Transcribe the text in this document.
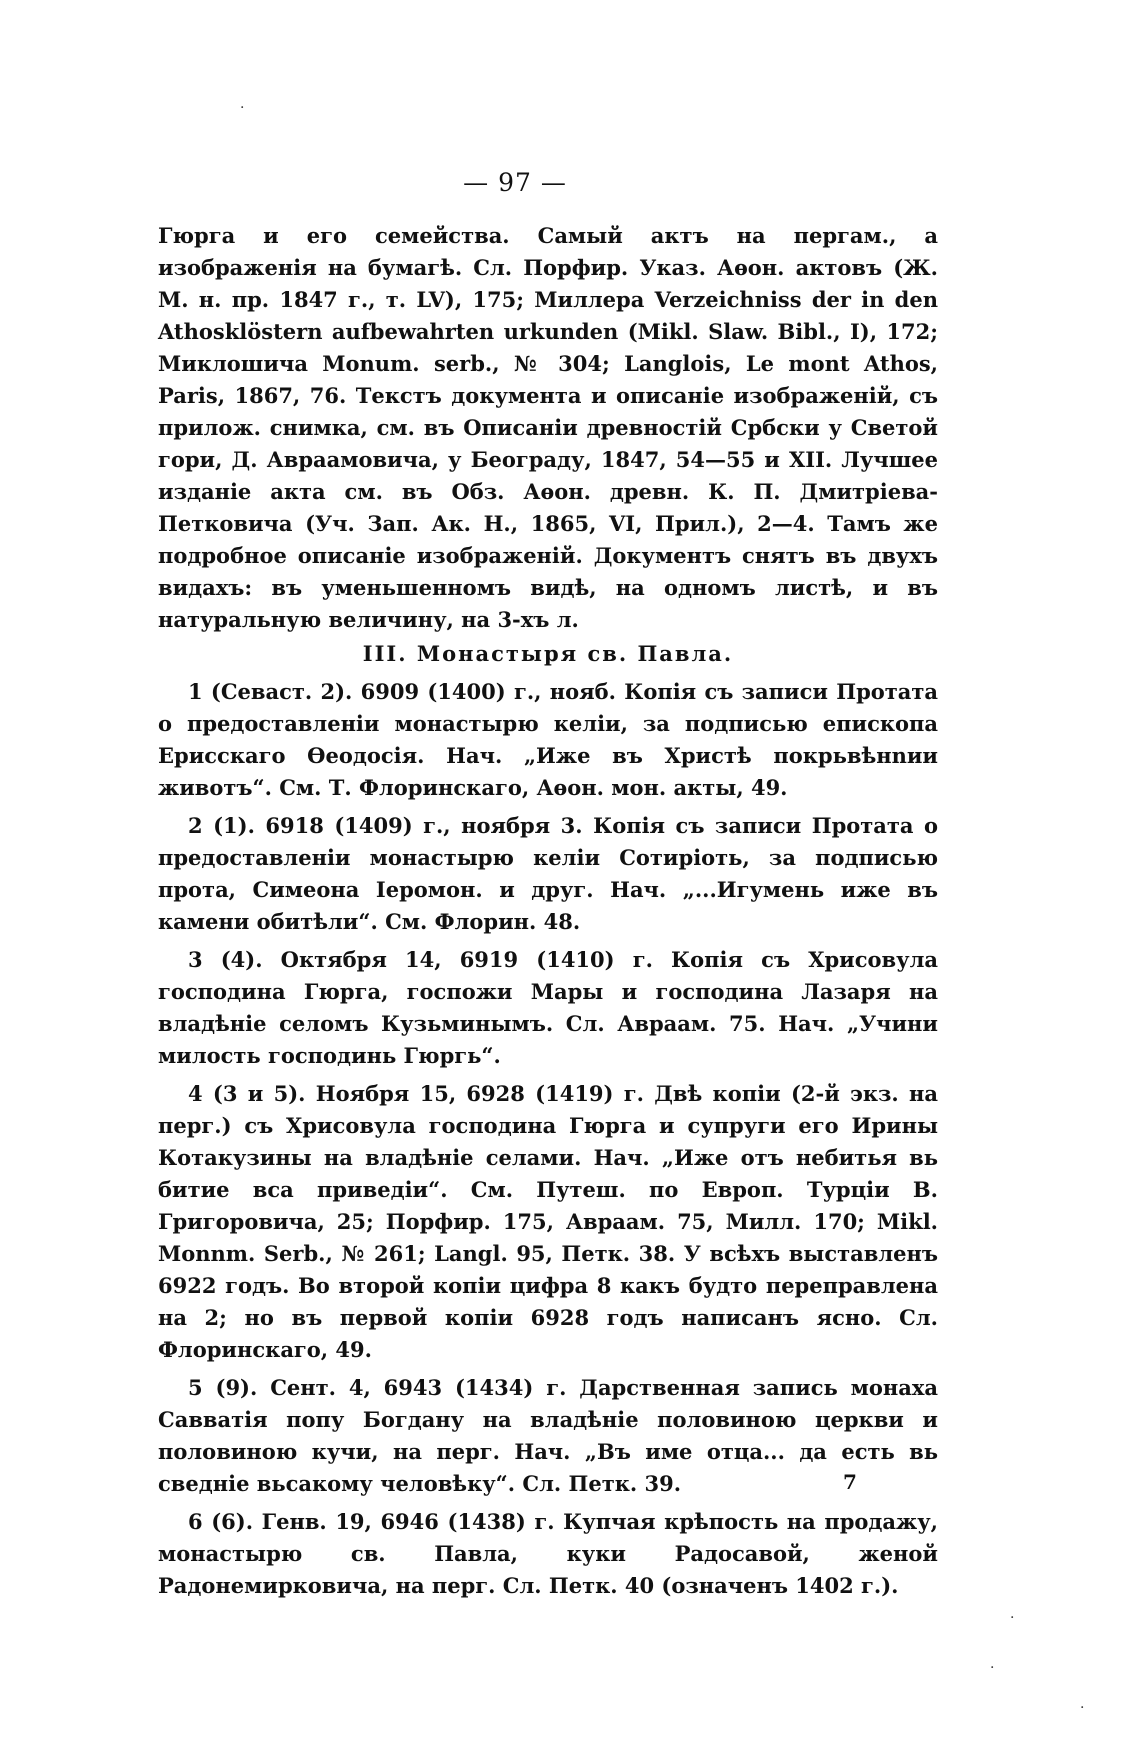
— 97 —

Гюрга и его семейства. Самый актъ на пергам., а изображенія на бумагѣ. Сл. Порфир. Указ. Аѳон. актовъ (Ж. М. н. пр. 1847 г., т. LV), 175; Миллера Verzeichniss der in den Athosklöstern aufbewahrten urkunden (Mikl. Slaw. Bibl., I), 172; Миклошича Monum. serb., № 304; Langlois, Le mont Athos, Paris, 1867, 76. Текстъ документа и описаніе изображеній, съ прилож. снимка, см. въ Описаніи древностій Србски у Светой гори, Д. Авраамовича, у Београду, 1847, 54—55 и XII. Лучшее изданіе акта см. въ Обз. Аѳон. древн. К. П. Дмитріева-Петковича (Уч. Зап. Ак. Н., 1865, VI, Прил.), 2—4. Тамъ же подробное описаніе изображеній. Документъ снятъ въ двухъ видахъ: въ уменьшенномъ видѣ, на одномъ листѣ, и въ натуральную величину, на 3-хъ л.

III. Монастыря св. Павла.

1 (Севаст. 2). 6909 (1400) г., нояб. Копія съ записи Протата о предоставленіи монастырю келіи, за подписью епископа Ерисскаго Ѳеодосія. Нач. „Иже въ Христѣ покрьвѣнnии животъ“. См. Т. Флоринскаго, Аѳон. мон. акты, 49.

2 (1). 6918 (1409) г., ноября 3. Копія съ записи Протата о предоставленіи монастырю келіи Сотиріоть, за подписью прота, Симеона Іеромон. и друг. Нач. „...Игумень иже въ камени обитѣли“. См. Флорин. 48.

3 (4). Октября 14, 6919 (1410) г. Копія съ Хрисовула господина Гюрга, госпожи Мары и господина Лазаря на владѣніе селомъ Кузьминымъ. Сл. Авраам. 75. Нач. „Учини милость господинь Гюргь“.

4 (3 и 5). Ноября 15, 6928 (1419) г. Двѣ копіи (2-й экз. на перг.) съ Хрисовула господина Гюрга и супруги его Ирины Котакузины на владѣніе селами. Нач. „Иже отъ небитья вь битие вса приведіи“. См. Путеш. по Европ. Турціи В. Григоровича, 25; Порфир. 175, Авраам. 75, Милл. 170; Mikl. Monnm. Serb., № 261; Langl. 95, Петк. 38. У всѣхъ выставленъ 6922 годъ. Во второй копіи цифра 8 какъ будто переправлена на 2; но въ первой копіи 6928 годъ написанъ ясно. Сл. Флоринскаго, 49.

5 (9). Сент. 4, 6943 (1434) г. Дарственная запись монаха Савватія попу Богдану на владѣніе половиною церкви и половиною кучи, на перг. Нач. „Въ име отца... да есть вь сведніе вьсакому человѣку“. Сл. Петк. 39.

6 (6). Генв. 19, 6946 (1438) г. Купчая крѣпость на продажу, монастырю св. Павла, куки Радосавой, женой Радонемирковича, на перг. Сл. Петк. 40 (означенъ 1402 г.).

7
·
·
·
·
